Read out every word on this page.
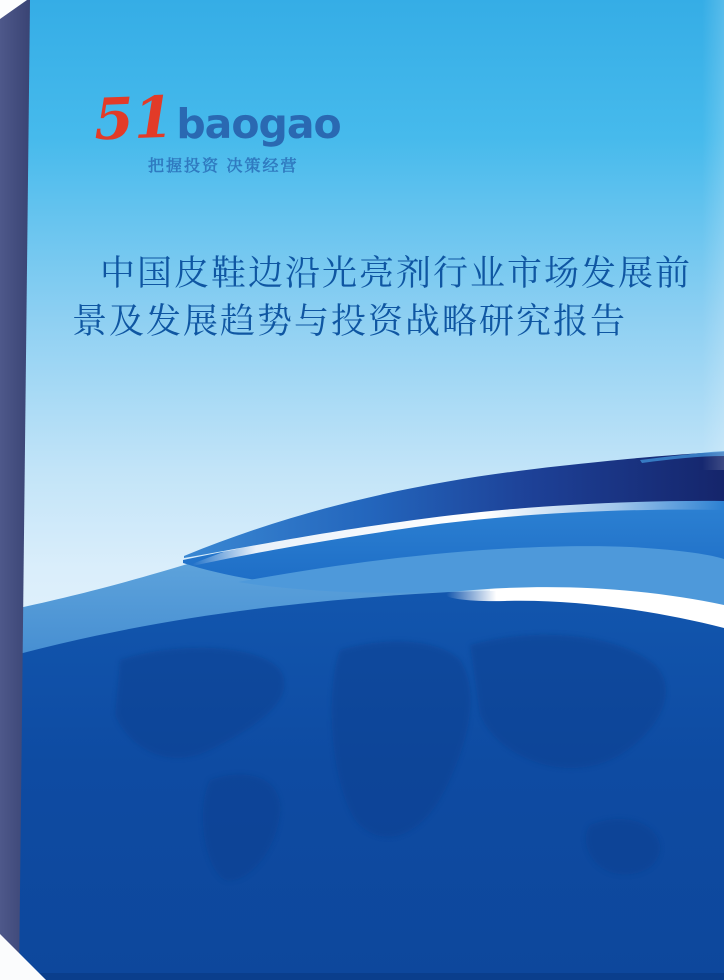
51 baogao
把握投资 决策经营
中国皮鞋边沿光亮剂行业市场发展前
景及发展趋势与投资战略研究报告
